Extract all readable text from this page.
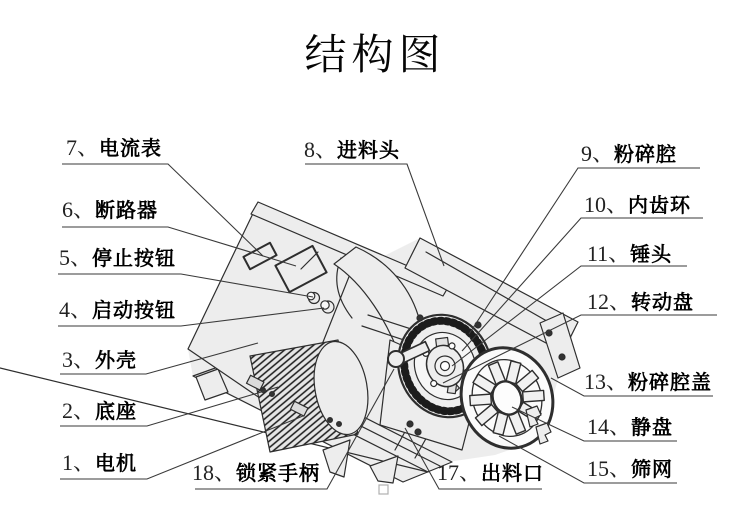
结构图
7、电流表
6、断路器
5、停止按钮
4、启动按钮
3、外壳
2、底座
1、电机
8、进料头	9、粉碎腔
10、内齿环
11、锤头
12、转动盘
13、粉碎腔盖
14、静盘
15、筛网
17、出料口
18、锁紧手柄
